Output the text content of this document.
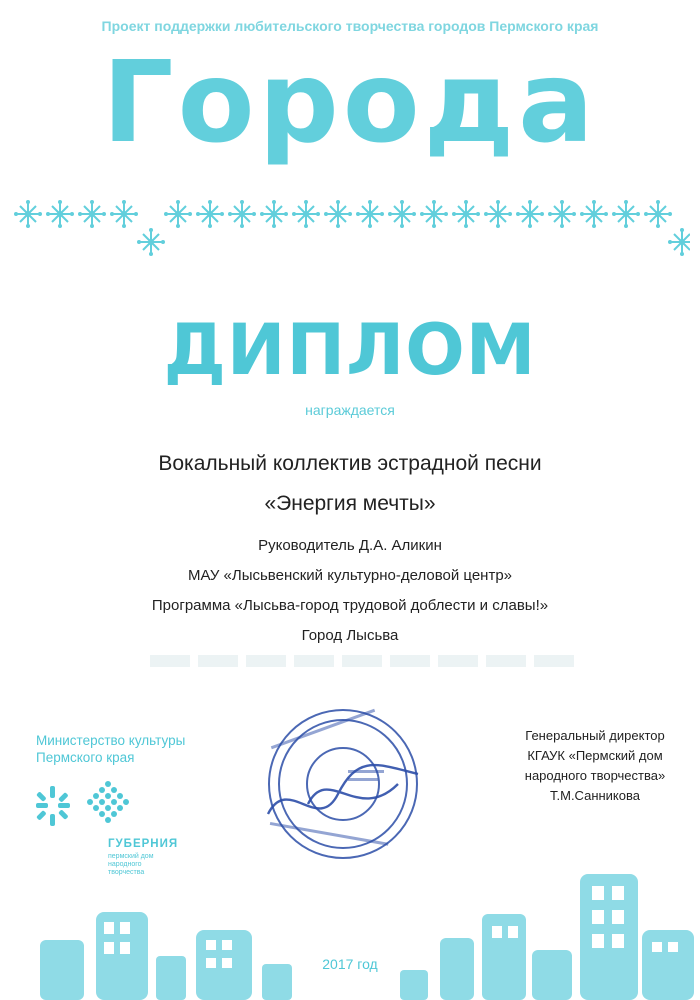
Проект поддержки любительского творчества городов Пермского края
Города
ДИПЛОМ
награждается
Вокальный коллектив эстрадной песни
«Энергия мечты»
Руководитель Д.А. Аликин
МАУ «Лысьвенский культурно-деловой центр»
Программа «Лысьва-город трудовой доблести и славы!»
Город Лысьва
Министерство культуры
Пермского края
ГУБЕРНИЯ
пермский дом народного творчества
Генеральный директор
КГАУК «Пермский дом
народного творчества»
Т.М.Санникова
2017 год
